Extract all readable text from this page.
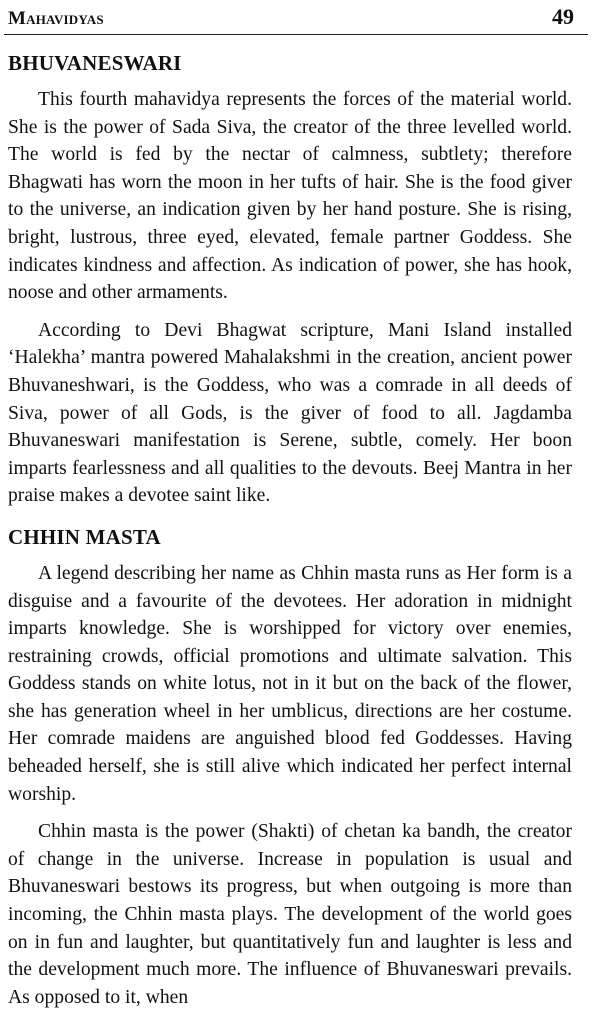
Mahavidyas	49
BHUVANESWARI

This fourth mahavidya represents the forces of the material world. She is the power of Sada Siva, the creator of the three levelled world. The world is fed by the nectar of calmness, subtlety; therefore Bhagwati has worn the moon in her tufts of hair. She is the food giver to the universe, an indication given by her hand posture. She is rising, bright, lustrous, three eyed, elevated, female partner Goddess. She indicates kindness and affection. As indication of power, she has hook, noose and other armaments.

According to Devi Bhagwat scripture, Mani Island installed ‘Halekha’ mantra powered Mahalakshmi in the creation, ancient power Bhuvaneshwari, is the Goddess, who was a comrade in all deeds of Siva, power of all Gods, is the giver of food to all. Jagdamba Bhuvaneswari manifestation is Serene, subtle, comely. Her boon imparts fearlessness and all qualities to the devouts. Beej Mantra in her praise makes a devotee saint like.

CHHIN MASTA

A legend describing her name as Chhin masta runs as Her form is a disguise and a favourite of the devotees. Her adoration in midnight imparts knowledge. She is worshipped for victory over enemies, restraining crowds, official promotions and ultimate salvation. This Goddess stands on white lotus, not in it but on the back of the flower, she has generation wheel in her umblicus, directions are her costume. Her comrade maidens are anguished blood fed Goddesses. Having beheaded herself, she is still alive which indicated her perfect internal worship.

Chhin masta is the power (Shakti) of chetan ka bandh, the creator of change in the universe. Increase in population is usual and Bhuvaneswari bestows its progress, but when outgoing is more than incoming, the Chhin masta plays. The development of the world goes on in fun and laughter, but quantitatively fun and laughter is less and the development much more. The influence of Bhuvaneswari prevails. As opposed to it, when
